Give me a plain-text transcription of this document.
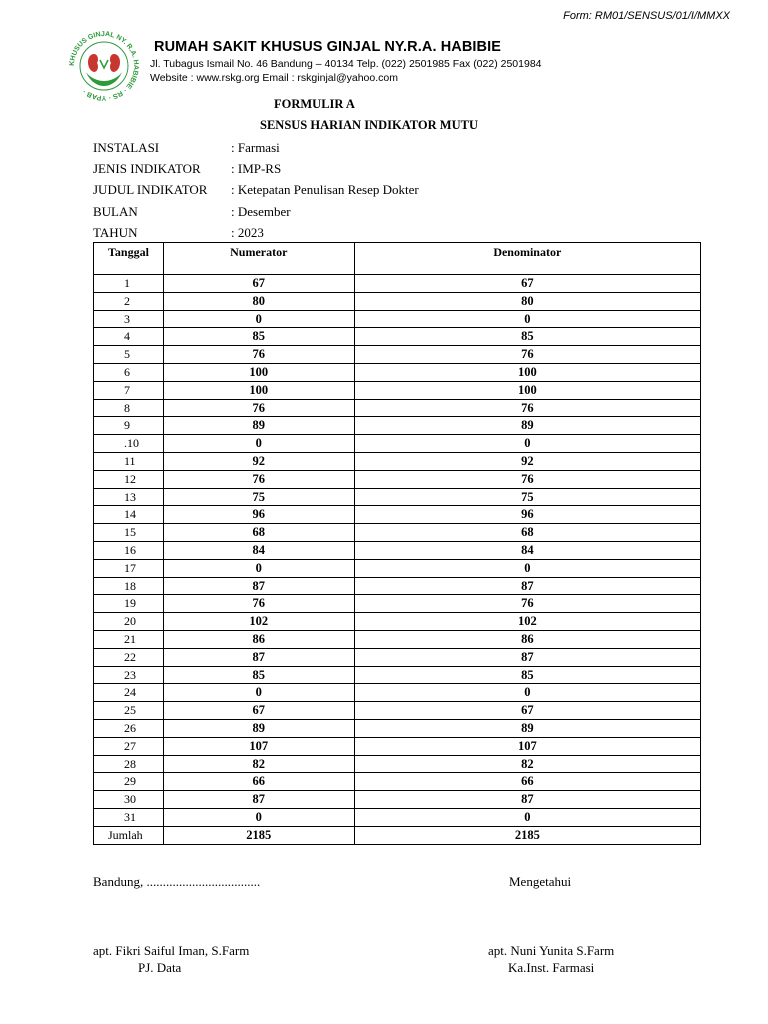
Form: RM01/SENSUS/01/I/MMXX
KHUSUS GINJAL NY. R.A. HABIBIE · RS · YPAB ·
RUMAH SAKIT KHUSUS GINJAL NY.R.A. HABIBIE
Jl. Tubagus Ismail No. 46 Bandung – 40134 Telp. (022) 2501985 Fax (022) 2501984
Website : www.rskg.org Email : rskginjal@yahoo.com
FORMULIR A
SENSUS HARIAN INDIKATOR MUTU
INSTALASI	: Farmasi
JENIS INDIKATOR	: IMP-RS
JUDUL INDIKATOR	: Ketepatan Penulisan Resep Dokter
BULAN	: Desember
TAHUN	: 2023
Tanggal	Numerator	Denominator
1	67	67
2	80	80
3	0	0
4	85	85
5	76	76
6	100	100
7	100	100
8	76	76
9	89	89
.10	0	0
11	92	92
12	76	76
13	75	75
14	96	96
15	68	68
16	84	84
17	0	0
18	87	87
19	76	76
20	102	102
21	86	86
22	87	87
23	85	85
24	0	0
25	67	67
26	89	89
27	107	107
28	82	82
29	66	66
30	87	87
31	0	0
Jumlah	2185	2185
Bandung, ...................................	Mengetahui
apt. Fikri Saiful Iman, S.Farm
PJ. Data
apt. Nuni Yunita S.Farm
Ka.Inst. Farmasi
